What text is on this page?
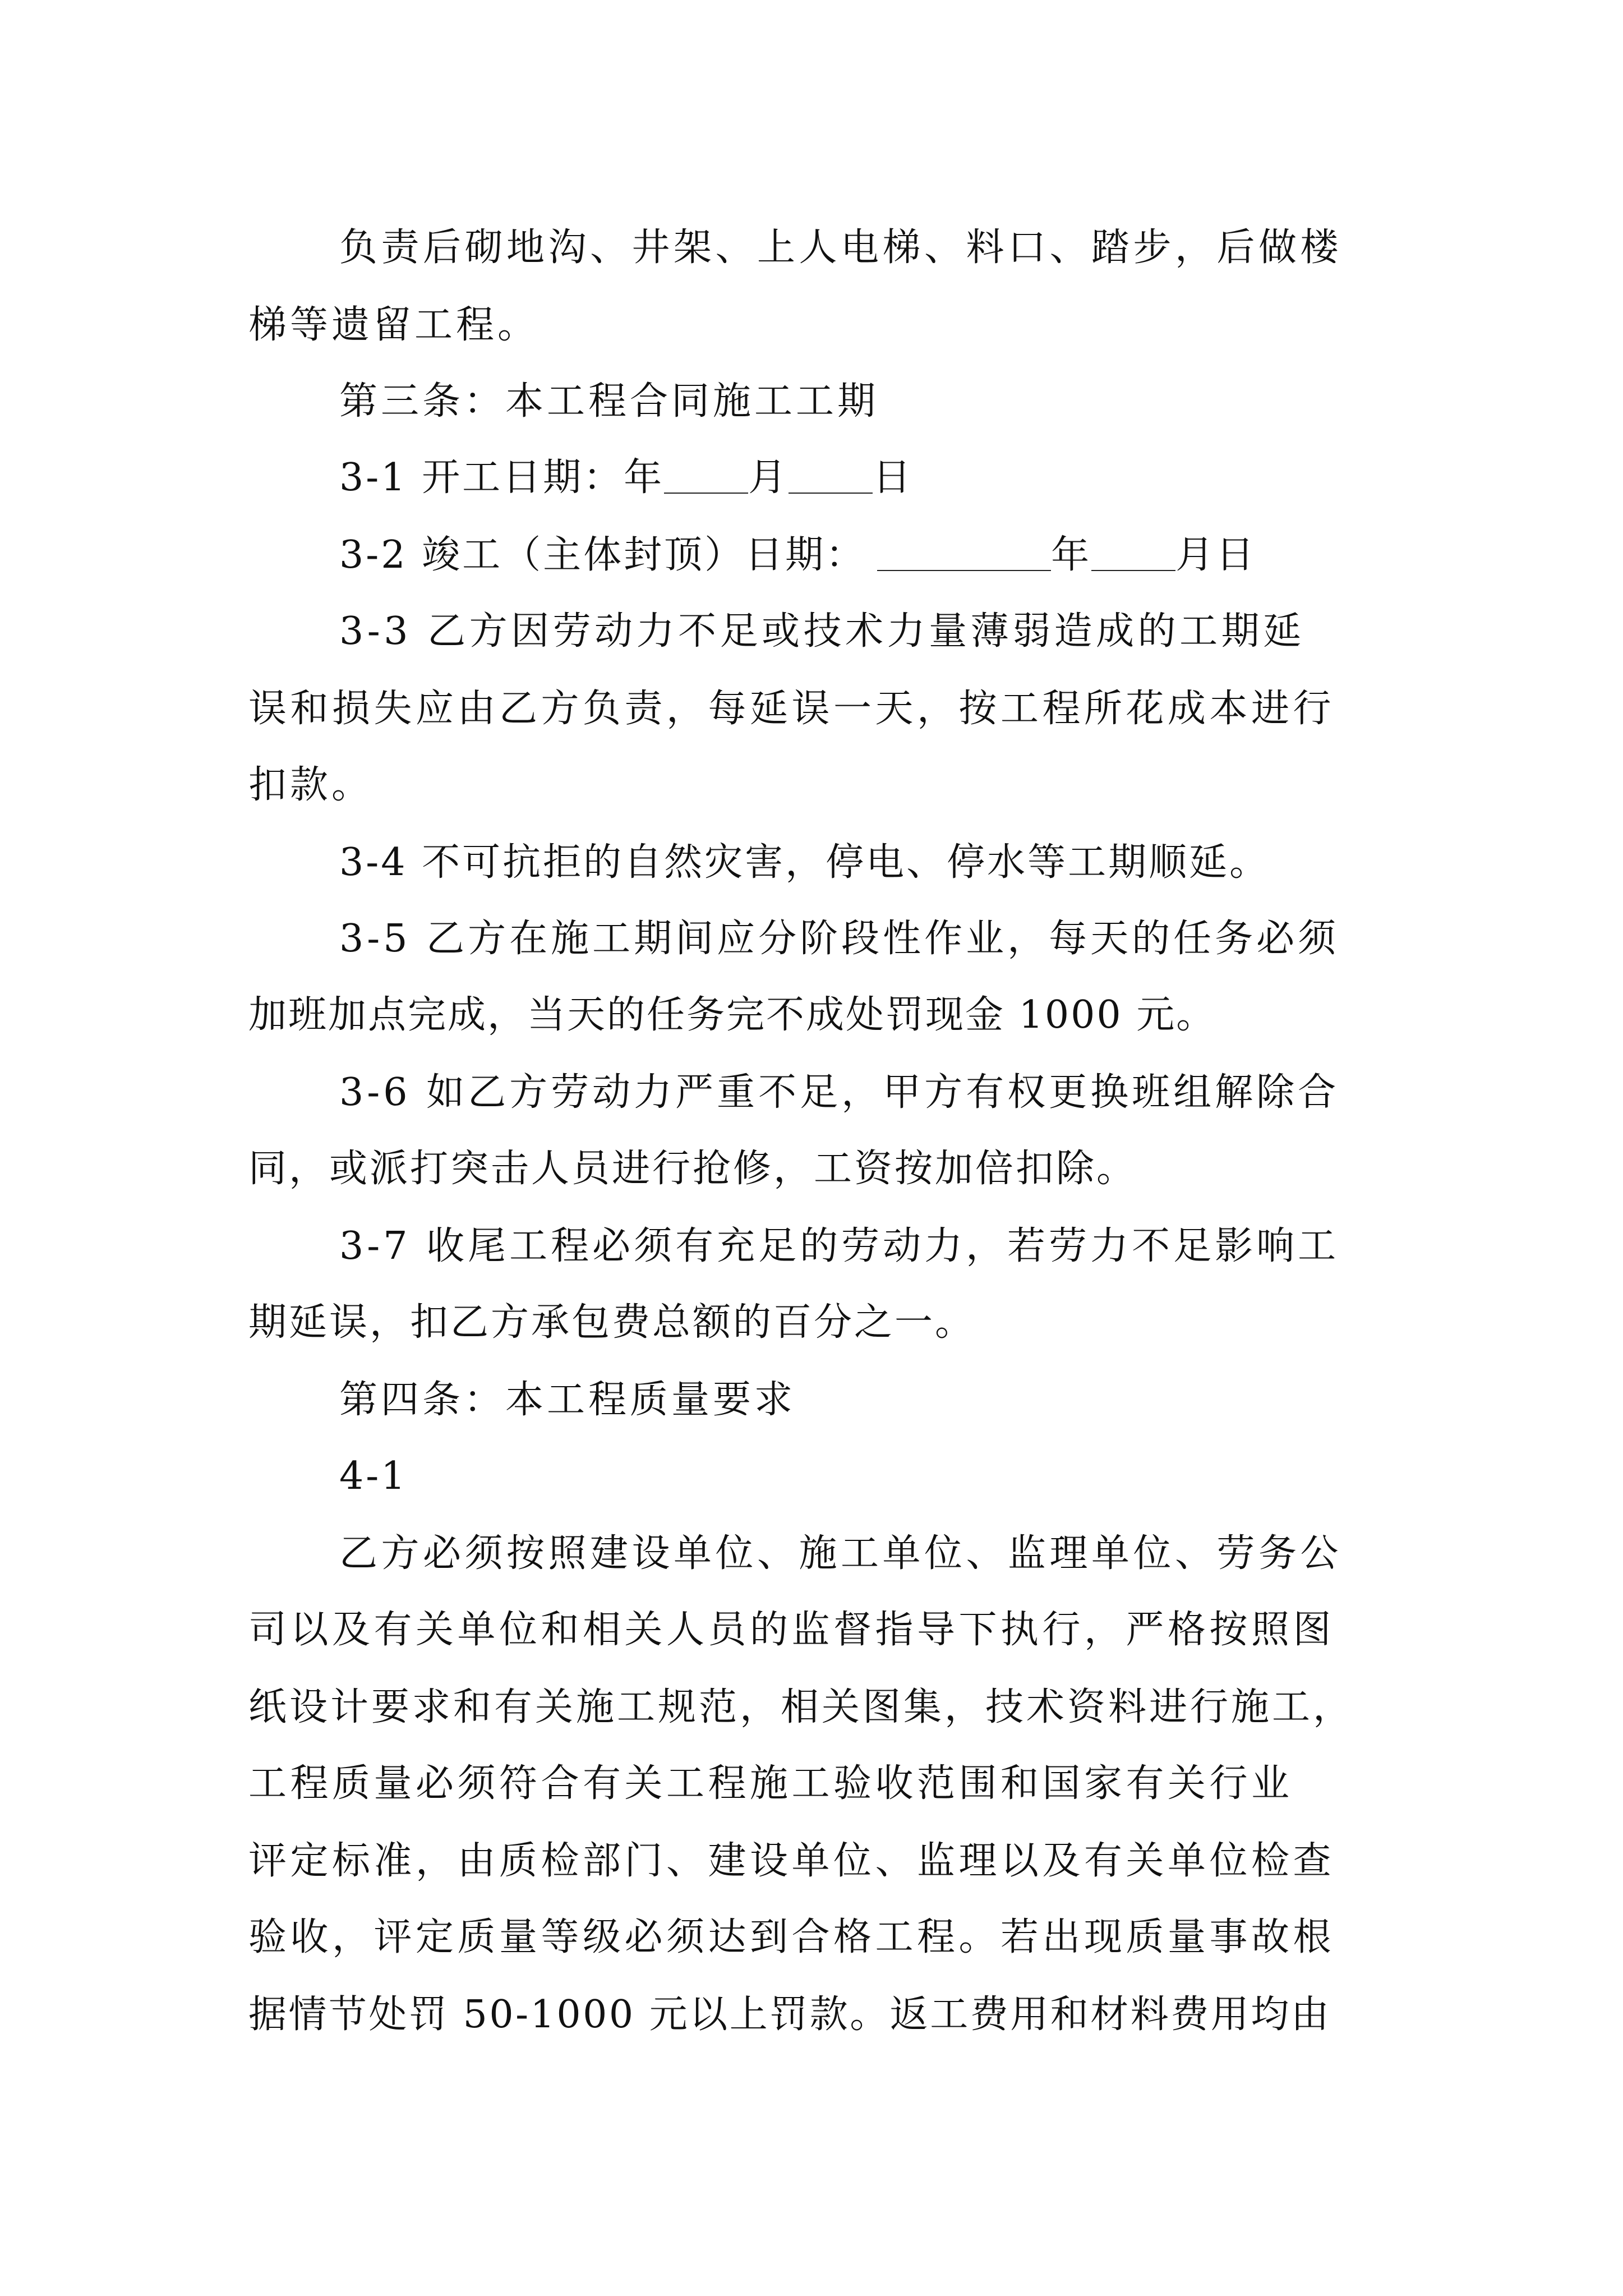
负责后砌地沟、井架、上人电梯、料口、踏步，后做楼
梯等遗留工程。
第三条：本工程合同施工工期
3-1 开工日期：年 月 日
3-2 竣工（主体封顶）日期：	年 月日
3-3 乙方因劳动力不足或技术力量薄弱造成的工期延
误和损失应由乙方负责，每延误一天，按工程所花成本进行
扣款。
3-4 不可抗拒的自然灾害，停电、停水等工期顺延。
3-5 乙方在施工期间应分阶段性作业，每天的任务必须
加班加点完成，当天的任务完不成处罚现金 1000 元。
3-6 如乙方劳动力严重不足，甲方有权更换班组解除合
同，或派打突击人员进行抢修，工资按加倍扣除。
3-7 收尾工程必须有充足的劳动力，若劳力不足影响工
期延误，扣乙方承包费总额的百分之一。
第四条：本工程质量要求
4-1
乙方必须按照建设单位、施工单位、监理单位、劳务公
司以及有关单位和相关人员的监督指导下执行，严格按照图
纸设计要求和有关施工规范，相关图集，技术资料进行施工，
工程质量必须符合有关工程施工验收范围和国家有关行业
评定标准，由质检部门、建设单位、监理以及有关单位检查
验收，评定质量等级必须达到合格工程。若出现质量事故根
据情节处罚 50-1000 元以上罚款。返工费用和材料费用均由
